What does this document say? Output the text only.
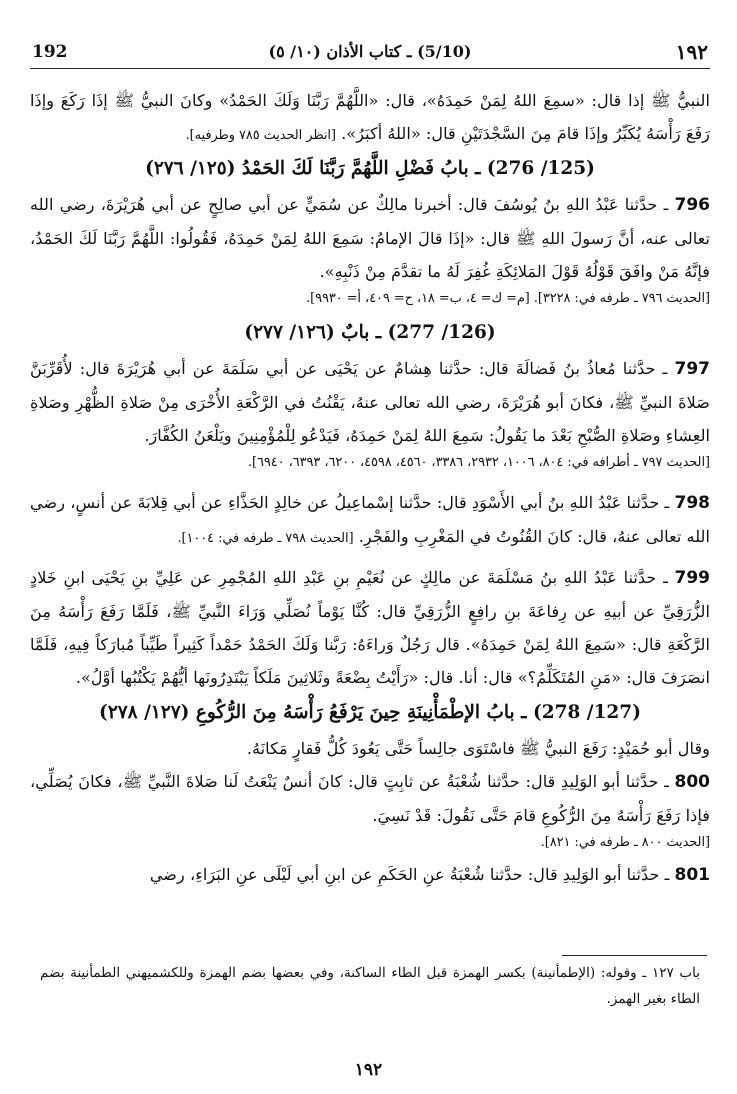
192	(5/10) ـ كتاب الأذان (١٠/ ٥)	١٩٢

النبيُّ ﷺ إذا قال: «سمِعَ اللهُ لِمَنْ حَمِدَهُ»، قال: «اللَّهُمَّ رَبَّنَا وَلَكَ الحَمْدُ» وكانَ النبيُّ ﷺ إذَا رَكَعَ وإذَا رَفَعَ رَأْسَهُ يُكَبِّرُ وإذَا قامَ مِنَ السَّجْدَتَيْنِ قال: «اللهُ أكبَرُ». [انظر الحديث ٧٨٥ وطرفيه].

(125/ 276) ـ بابُ فَضْلِ اللَّهُمَّ رَبَّنَا لَكَ الحَمْدُ (١٢٥/ ٢٧٦)

796 ـ حدَّثنا عَبْدُ اللهِ بنُ يُوسُفَ قال: أخبرنا مالِكٌ عن سُمَيٍّ عن أبي صالِحٍ عن أبي هُرَيْرَةَ، رضي الله تعالى عنه، أنَّ رَسولَ اللهِ ﷺ قال: «إذَا قالَ الإمامُ: سَمِعَ اللهُ لِمَنْ حَمِدَهُ، فَقُولُوا: اللَّهُمَّ رَبَّنَا لَكَ الحَمْدُ، فإنَّهُ مَنْ وافَقَ قَوْلُهُ قَوْلَ المَلائِكَةِ غُفِرَ لَهُ ما تقدَّمَ مِنْ ذَنْبِهِ».

[الحديث ٧٩٦ ـ طرفه في: ٣٢٢٨]. [م= ك= ٤، ب= ١٨، ح= ٤٠٩، أ= ٩٩٣٠].

(126/ 277) ـ بابٌ (١٢٦/ ٢٧٧)

797 ـ حدَّثنا مُعاذُ بنُ فَضالَةَ قال: حدَّثنا هِشامٌ عن يَحْيَى عن أبي سَلَمَةَ عن أبي هُرَيْرَةَ قال: لأُقَرِّبَنَّ صَلاةَ النبيِّ ﷺ، فكانَ أبو هُرَيْرَةَ، رضي الله تعالى عنهُ، يَقْنُتُ في الرَّكْعَةِ الأُخْرَى مِنْ صَلاةِ الظُّهْرِ وصَلاةِ العِشاءِ وصَلاةِ الصُّبْحِ بَعْدَ ما يَقُولُ: سَمِعَ اللهُ لِمَنْ حَمِدَهُ، فَيَدْعُو لِلْمُؤْمِنِينَ ويَلْعَنُ الكُفَّارَ.

[الحديث ٧٩٧ ـ أطرافه في: ٨٠٤، ١٠٠٦، ٢٩٣٢، ٣٣٨٦، ٤٥٦٠، ٤٥٩٨، ٦٢٠٠، ٦٣٩٣، ٦٩٤٠].

798 ـ حدَّثنا عَبْدُ اللهِ بنُ أبي الأَسْوَدِ قال: حدَّثنا إسْماعِيلُ عن خالِدٍ الحَذَّاءِ عن أبي قِلابَةَ عن أنسٍ، رضي الله تعالى عنهُ، قال: كانَ القُنُوتُ في المَغْرِبِ والفَجْرِ. [الحديث ٧٩٨ ـ طرفه في: ١٠٠٤].

799 ـ حدَّثنا عَبْدُ اللهِ بنُ مَسْلَمَةَ عن مالِكٍ عن نُعَيْمِ بنِ عَبْدِ اللهِ المُجْمِرِ عن عَلِيِّ بنِ يَحْيَى ابنِ خَلادٍ الزُّرَقِيِّ عن أبيهِ عن رِفاعَةَ بنِ رافِعٍ الزُّرَقِيِّ قال: كُنَّا يَوْماً نُصَلِّي وَرَاءَ النَّبيِّ ﷺ، فَلَمَّا رَفَعَ رَأْسَهُ مِنَ الرَّكْعَةِ قال: «سَمِعَ اللهُ لِمَنْ حَمِدَهُ». قال رَجُلٌ وَراءَهُ: رَبَّنا وَلَكَ الحَمْدُ حَمْداً كَثِيراً طَيِّباً مُبارَكاً فِيهِ، فَلَمَّا انصَرَفَ قال: «مَنِ المُتَكَلِّمُ؟» قال: أنا. قال: «رَأَيْتُ بِضْعَةً وثَلاثِينَ مَلَكاً يَبْتَدِرُونَها أيُّهُمْ يَكْتُبُها أوَّلُ».

(127/ 278) ـ بابُ الإطْمَأْنِينَةِ حِينَ يَرْفَعُ رَأْسَهُ مِنَ الرُّكُوعِ (١٢٧/ ٢٧٨)

وقال أبو حُمَيْدٍ: رَفَعَ النبيُّ ﷺ فاسْتَوَى جالِساً حَتَّى يَعُودَ كُلُّ فَقارٍ مَكانَهُ.

800 ـ حدَّثنا أبو الوَلِيدِ قال: حدَّثنا شُعْبَةُ عن ثابِتٍ قال: كانَ أنسٌ يَنْعَتُ لَنا صَلاةَ النَّبيِّ ﷺ، فكانَ يُصَلِّي، فإذا رَفَعَ رَأْسَهُ مِنَ الرُّكُوعِ قامَ حَتَّى نَقُولَ: قَدْ نَسِيَ.

[الحديث ٨٠٠ ـ طرفه في: ٨٢١].

801 ـ حدَّثنا أبو الوَلِيدِ قال: حدَّثنا شُعْبَةُ عنِ الحَكَمِ عن ابنِ أبي لَيْلَى عنِ البَرَاءِ، رضي

باب ١٢٧ ـ وقوله: (الإطمأنينة) بكسر الهمزة قبل الطاء الساكنة، وفي بعضها بضم الهمزة وللكشميهني الطمأنينة بضم الطاء بغير الهمز.
١٩٢
